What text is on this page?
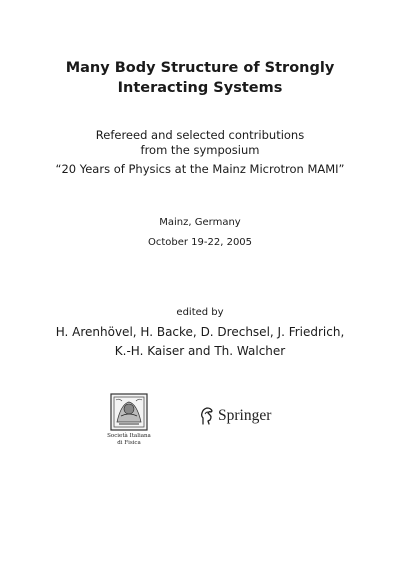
Many Body Structure of Strongly
Interacting Systems
Refereed and selected contributions
from the symposium
“20 Years of Physics at the Mainz Microtron MAMI”
Mainz, Germany
October 19-22, 2005
edited by
H. Arenhövel, H. Backe, D. Drechsel, J. Friedrich,
K.-H. Kaiser and Th. Walcher
Società Italiana
di Fisica
Springer
